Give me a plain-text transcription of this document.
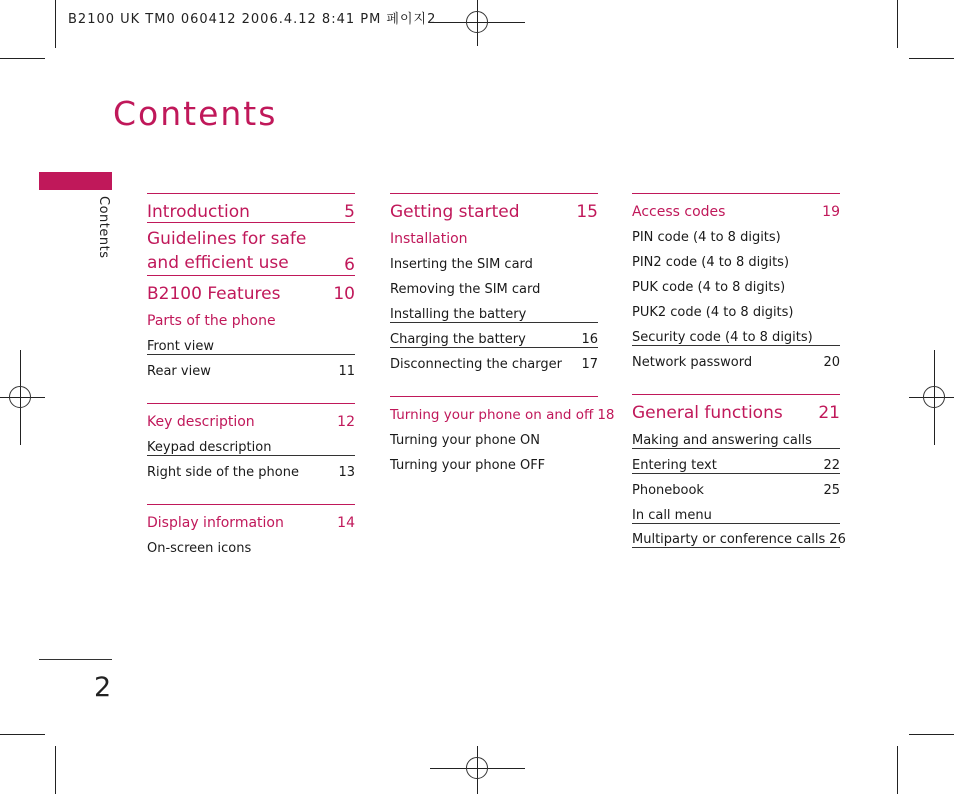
B2100 UK TM0 060412 2006.4.12 8:41 PM 페이지2
Contents
Contents
2
Introduction	5
Guidelines for safe and efficient use	6
B2100 Features	10
Parts of the phone
Front view
Rear view	11
Key description	12
Keypad description
Right side of the phone	13
Display information	14
On-screen icons
Getting started	15
Installation
Inserting the SIM card
Removing the SIM card
Installing the battery
Charging the battery	16
Disconnecting the charger	17
Turning your phone on and off 18
Turning your phone ON
Turning your phone OFF
Access codes	19
PIN code (4 to 8 digits)
PIN2 code (4 to 8 digits)
PUK code (4 to 8 digits)
PUK2 code (4 to 8 digits)
Security code (4 to 8 digits)
Network password	20
General functions 21
Making and answering calls
Entering text	22
Phonebook	25
In call menu
Multiparty or conference calls 26
